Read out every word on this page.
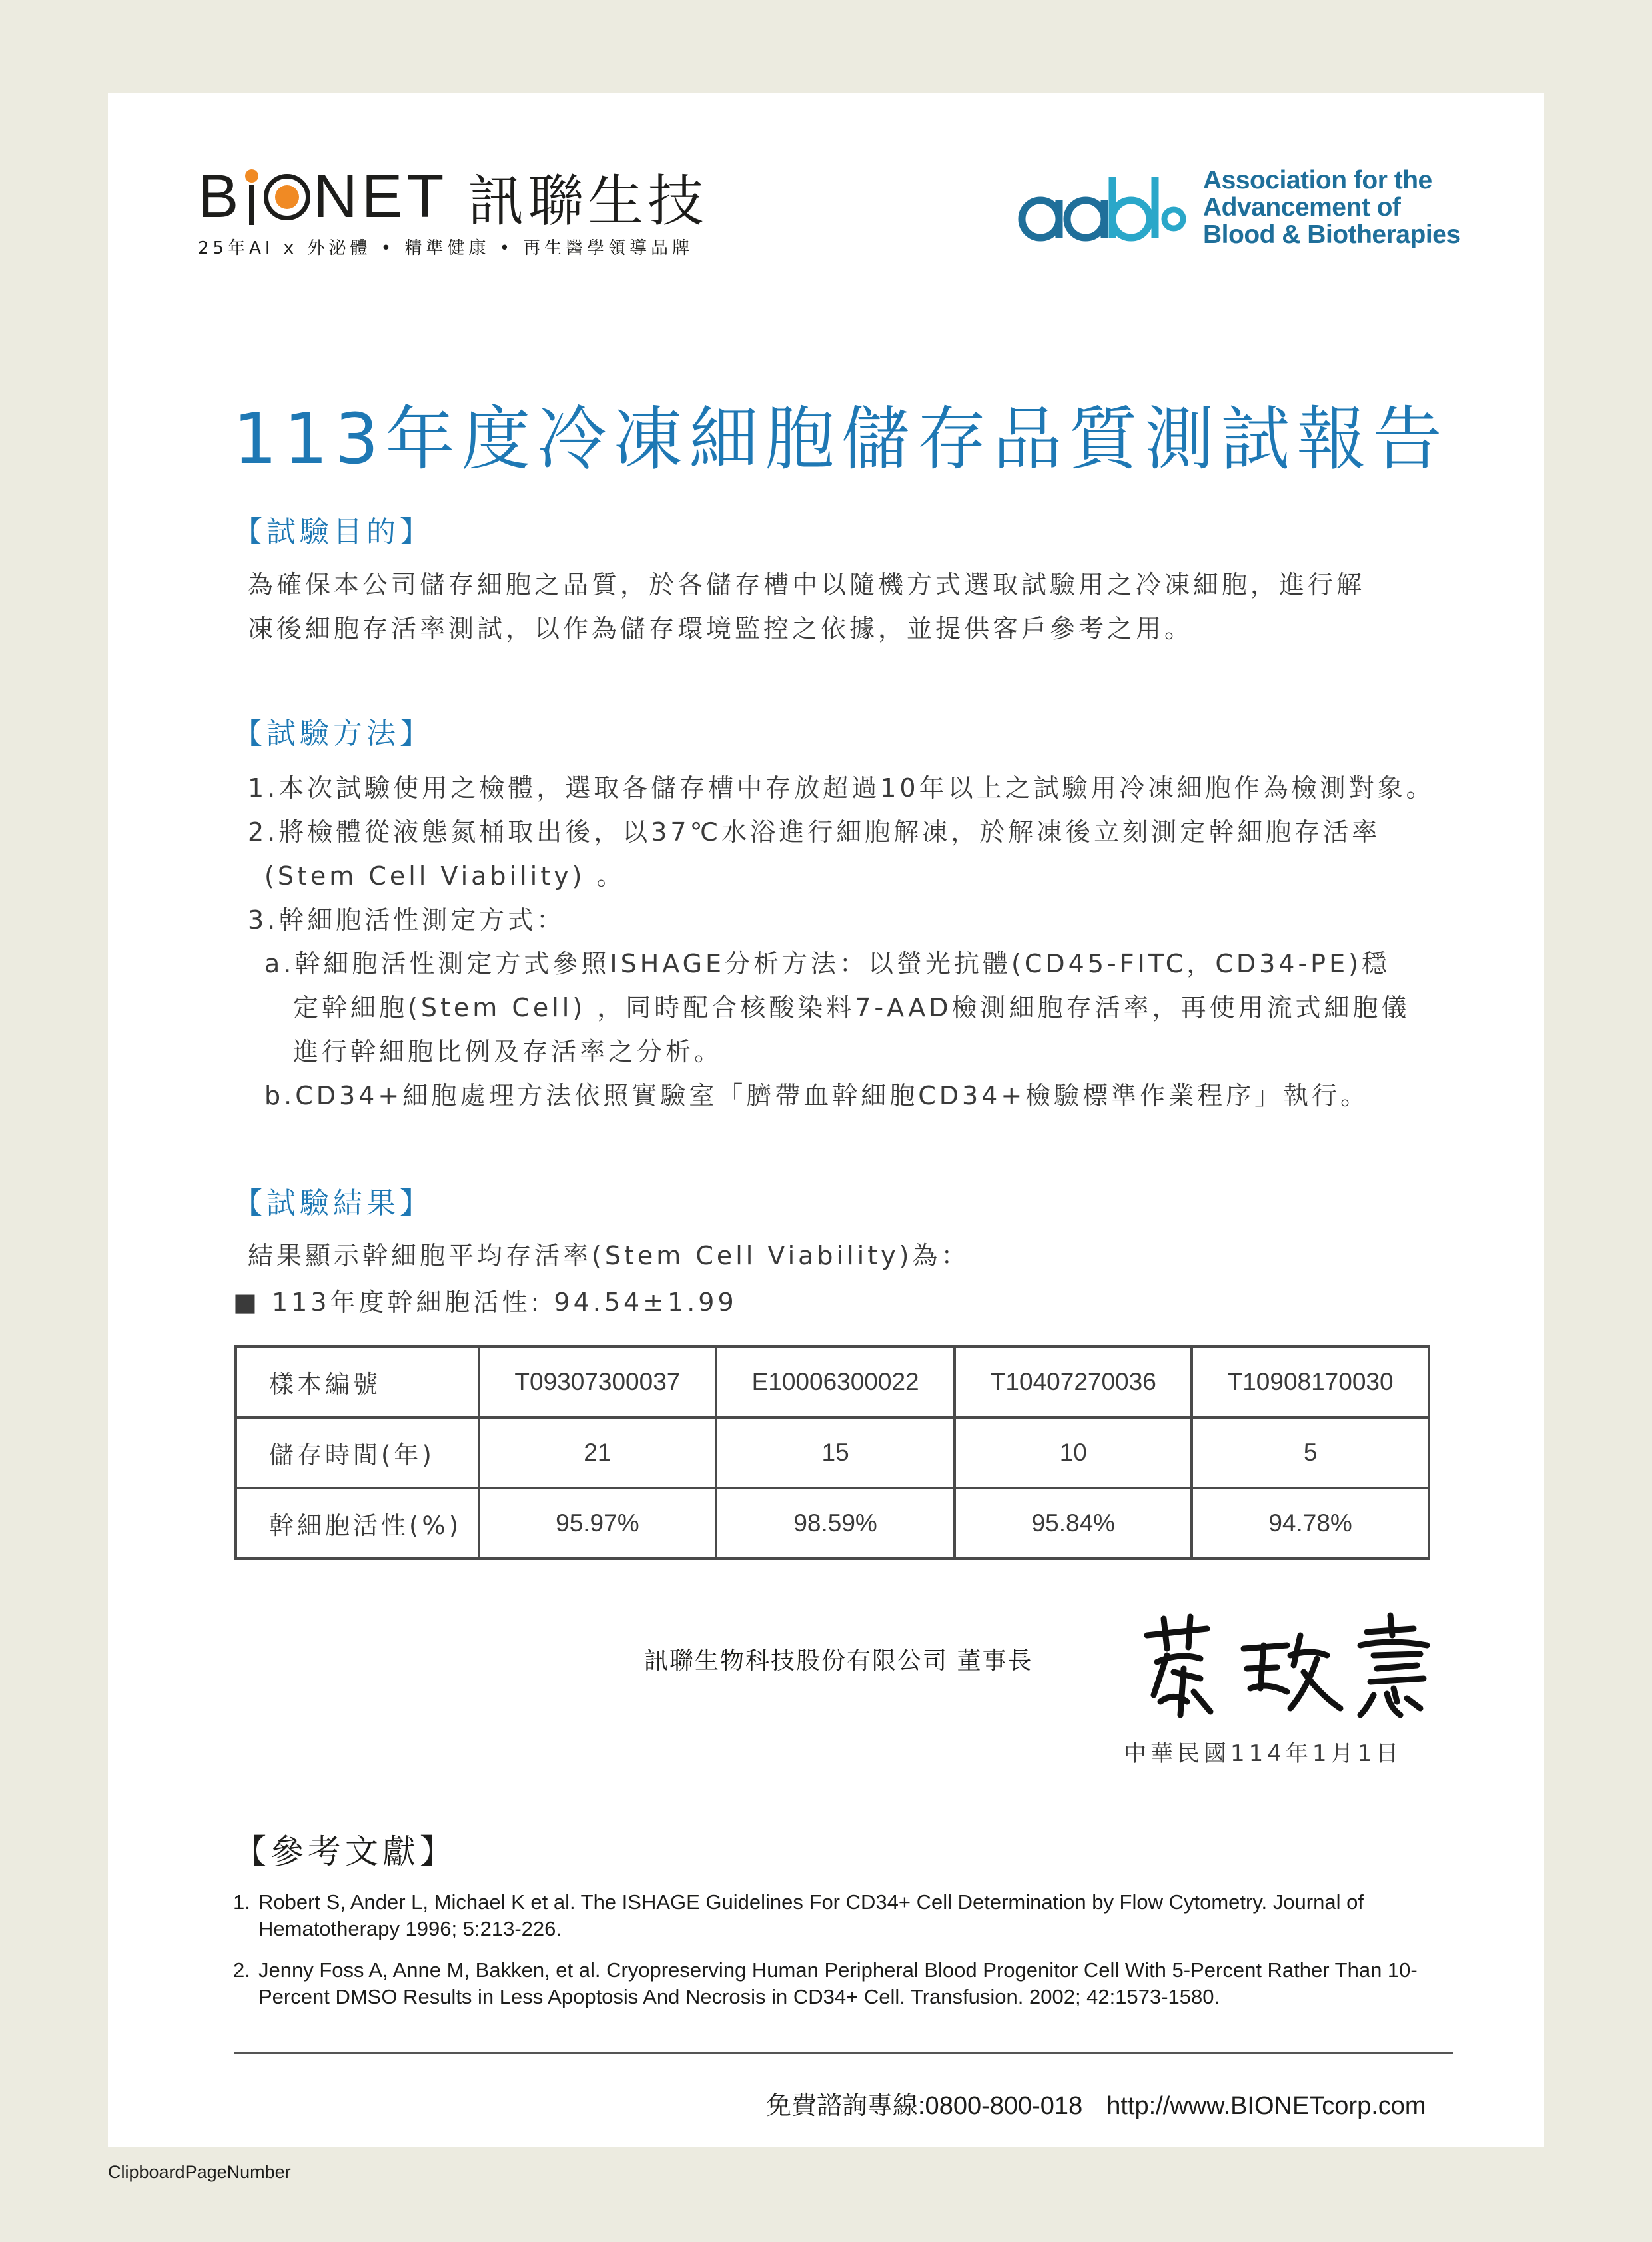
B NET 訊聯生技
25年AI x 外泌體 • 精準健康 • 再生醫學領導品牌
Association for the
Advancement of
Blood & Biotherapies
113年度冷凍細胞儲存品質測試報告
【試驗目的】
為確保本公司儲存細胞之品質，於各儲存槽中以隨機方式選取試驗用之冷凍細胞，進行解
凍後細胞存活率測試，以作為儲存環境監控之依據，並提供客戶參考之用。
【試驗方法】
1.本次試驗使用之檢體，選取各儲存槽中存放超過10年以上之試驗用冷凍細胞作為檢測對象。
2.將檢體從液態氮桶取出後，以37℃水浴進行細胞解凍，於解凍後立刻測定幹細胞存活率
(Stem Cell Viability) 。
3.幹細胞活性測定方式：
a.幹細胞活性測定方式參照ISHAGE分析方法：以螢光抗體(CD45-FITC，CD34-PE)穩
定幹細胞(Stem Cell) ，同時配合核酸染料7-AAD檢測細胞存活率，再使用流式細胞儀
進行幹細胞比例及存活率之分析。
b.CD34+細胞處理方法依照實驗室「臍帶血幹細胞CD34+檢驗標準作業程序」執行。
【試驗結果】
結果顯示幹細胞平均存活率(Stem Cell Viability)為：
■ 113年度幹細胞活性: 94.54±1.99
樣本編號	T09307300037	E10006300022	T10407270036	T10908170030
儲存時間(年)	21	15	10	5
幹細胞活性(%)	95.97%	98.59%	95.84%	94.78%
訊聯生物科技股份有限公司 董事長
中華民國114年1月1日
【參考文獻】
1. Robert S, Ander L, Michael K et al. The ISHAGE Guidelines For CD34+ Cell Determination by Flow Cytometry. Journal of Hematotherapy 1996; 5:213-226.
2. Jenny Foss A, Anne M, Bakken, et al. Cryopreserving Human Peripheral Blood Progenitor Cell With 5-Percent Rather Than 10-Percent DMSO Results in Less Apoptosis And Necrosis in CD34+ Cell. Transfusion. 2002; 42:1573-1580.
免費諮詢專線:0800-800-018 http://www.BIONETcorp.com
ClipboardPageNumber
